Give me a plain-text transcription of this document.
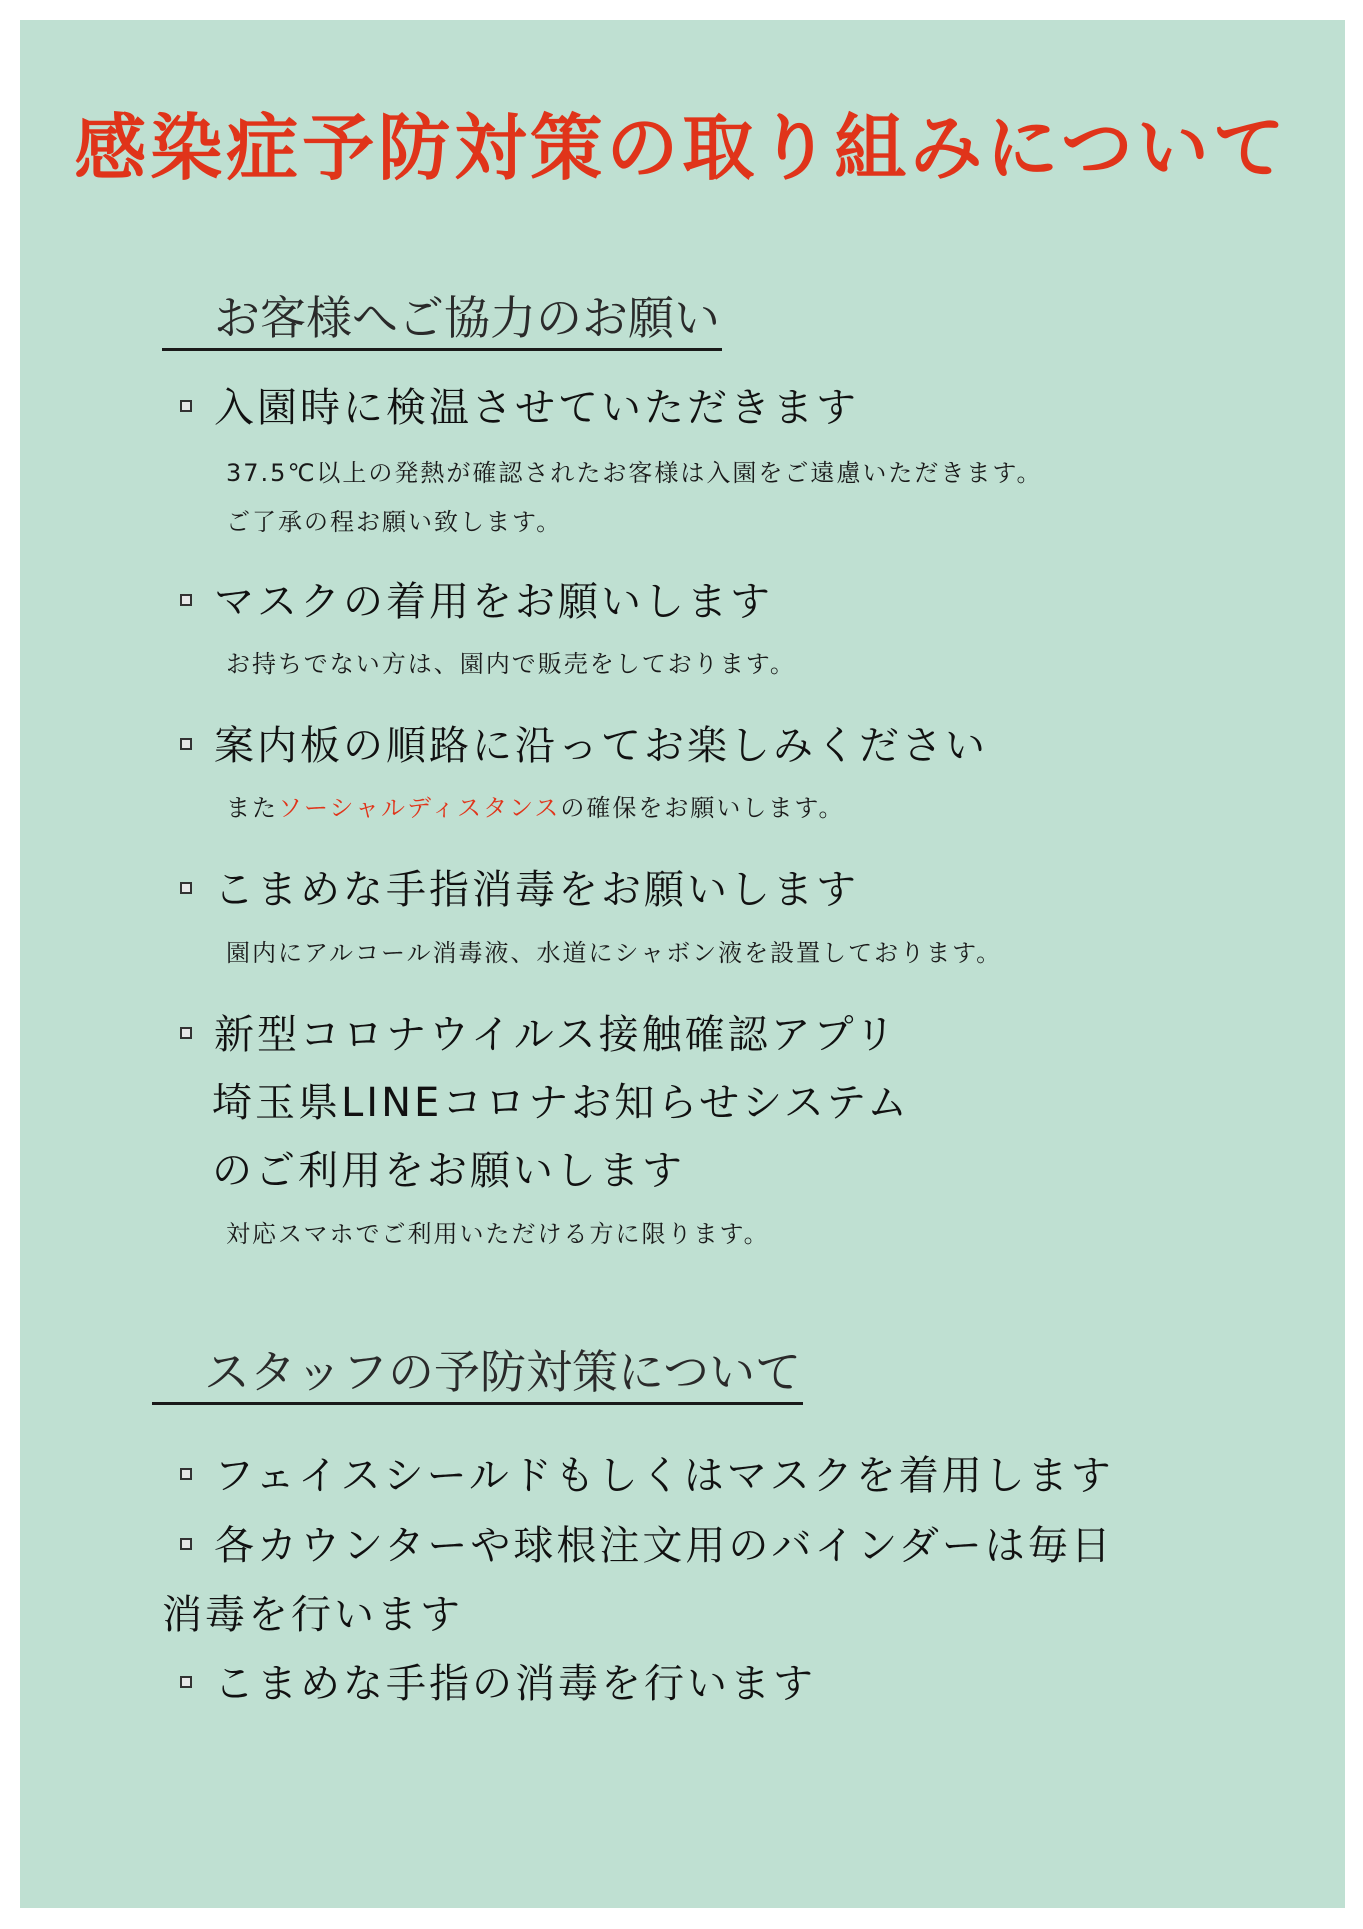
感染症予防対策の取り組みについて
お客様へご協力のお願い
入園時に検温させていただきます
37.5℃以上の発熱が確認されたお客様は入園をご遠慮いただきます。
ご了承の程お願い致します。
マスクの着用をお願いします
お持ちでない方は、園内で販売をしております。
案内板の順路に沿ってお楽しみください
またソーシャルディスタンスの確保をお願いします。
こまめな手指消毒をお願いします
園内にアルコール消毒液、水道にシャボン液を設置しております。
新型コロナウイルス接触確認アプリ
埼玉県LINEコロナお知らせシステム
のご利用をお願いします
対応スマホでご利用いただける方に限ります。
スタッフの予防対策について
フェイスシールドもしくはマスクを着用します
各カウンターや球根注文用のバインダーは毎日
消毒を行います
こまめな手指の消毒を行います
